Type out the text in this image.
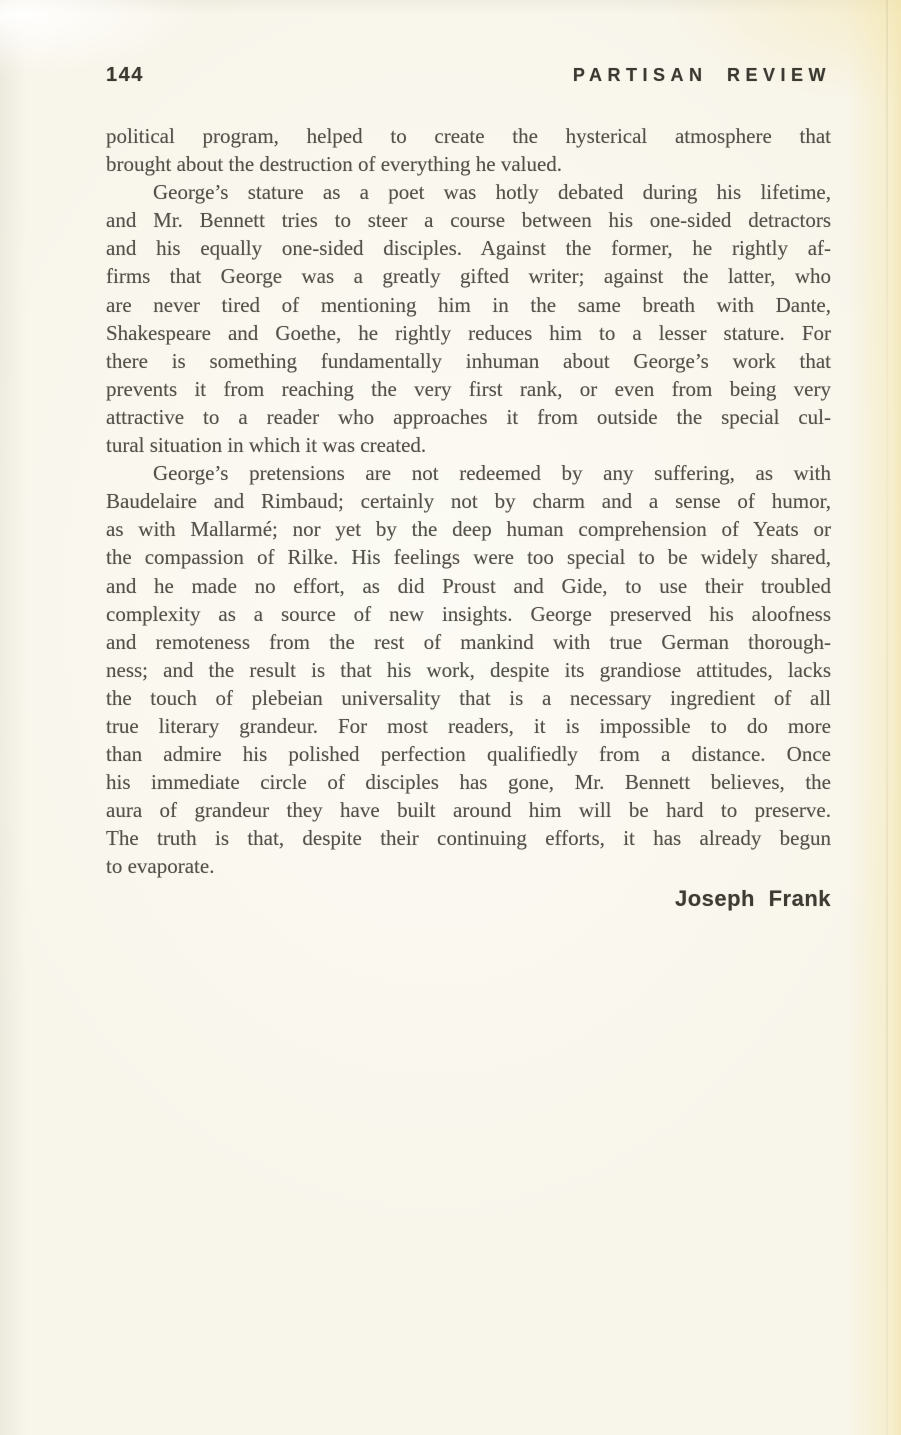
144	PARTISAN REVIEW
political program, helped to create the hysterical atmosphere that
brought about the destruction of everything he valued.
George’s stature as a poet was hotly debated during his lifetime,
and Mr. Bennett tries to steer a course between his one-sided detractors
and his equally one-sided disciples. Against the former, he rightly af-
firms that George was a greatly gifted writer; against the latter, who
are never tired of mentioning him in the same breath with Dante,
Shakespeare and Goethe, he rightly reduces him to a lesser stature. For
there is something fundamentally inhuman about George’s work that
prevents it from reaching the very first rank, or even from being very
attractive to a reader who approaches it from outside the special cul-
tural situation in which it was created.
George’s pretensions are not redeemed by any suffering, as with
Baudelaire and Rimbaud; certainly not by charm and a sense of humor,
as with Mallarmé; nor yet by the deep human comprehension of Yeats or
the compassion of Rilke. His feelings were too special to be widely shared,
and he made no effort, as did Proust and Gide, to use their troubled
complexity as a source of new insights. George preserved his aloofness
and remoteness from the rest of mankind with true German thorough-
ness; and the result is that his work, despite its grandiose attitudes, lacks
the touch of plebeian universality that is a necessary ingredient of all
true literary grandeur. For most readers, it is impossible to do more
than admire his polished perfection qualifiedly from a distance. Once
his immediate circle of disciples has gone, Mr. Bennett believes, the
aura of grandeur they have built around him will be hard to preserve.
The truth is that, despite their continuing efforts, it has already begun
to evaporate.
Joseph Frank
